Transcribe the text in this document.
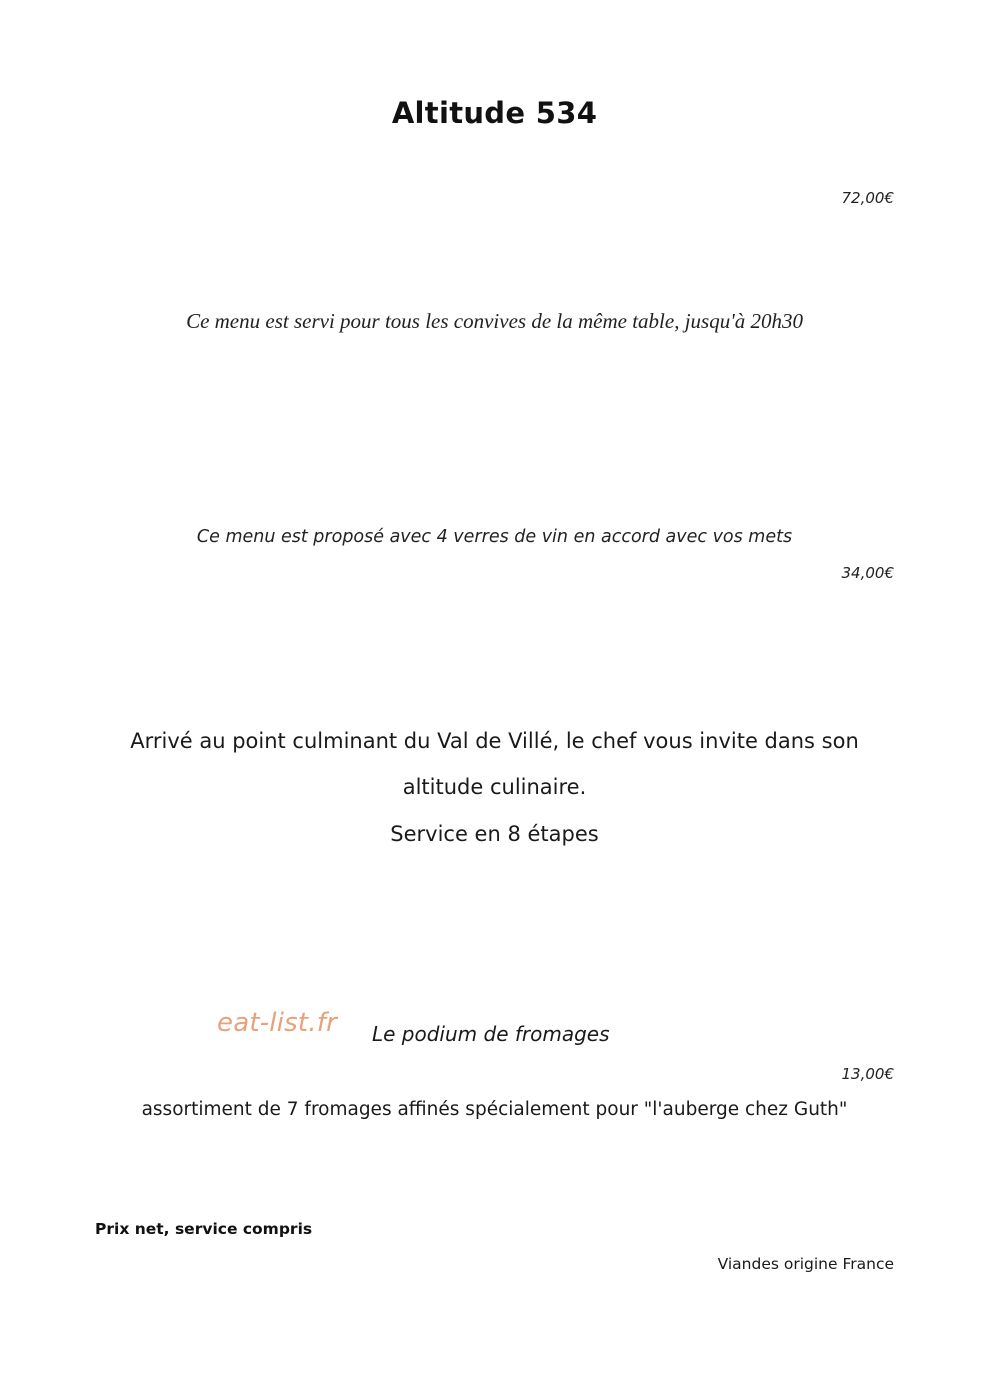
Altitude 534
72,00€
Ce menu est servi pour tous les convives de la même table, jusqu'à 20h30
Ce menu est proposé avec 4 verres de vin en accord avec vos mets
34,00€
Arrivé au point culminant du Val de Villé, le chef vous invite dans son
altitude culinaire.
Service en 8 étapes
eat-list.fr Le podium de fromages
13,00€
assortiment de 7 fromages affinés spécialement pour "l'auberge chez Guth"
Prix net, service compris
Viandes origine France
